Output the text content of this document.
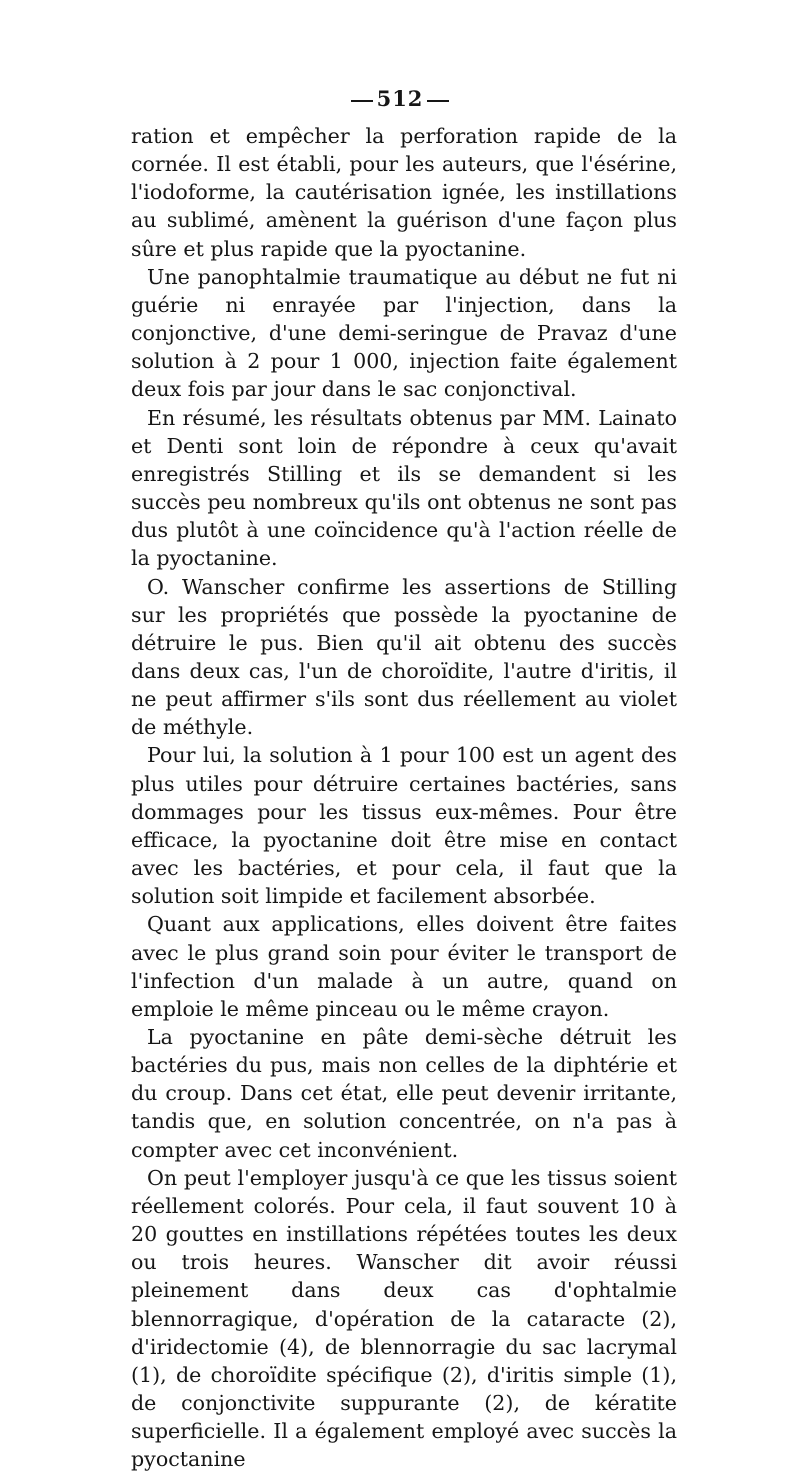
512

ration et empêcher la perforation rapide de la cornée. Il est établi, pour les auteurs, que l'ésérine, l'iodoforme, la cautérisation ignée, les instillations au sublimé, amènent la guérison d'une façon plus sûre et plus rapide que la pyoctanine.

Une panophtalmie traumatique au début ne fut ni guérie ni enrayée par l'injection, dans la conjonctive, d'une demi-seringue de Pravaz d'une solution à 2 pour 1 000, injection faite également deux fois par jour dans le sac conjonctival.

En résumé, les résultats obtenus par MM. Lainato et Denti sont loin de répondre à ceux qu'avait enregistrés Stilling et ils se demandent si les succès peu nombreux qu'ils ont obtenus ne sont pas dus plutôt à une coïncidence qu'à l'action réelle de la pyoctanine.

O. Wanscher confirme les assertions de Stilling sur les propriétés que possède la pyoctanine de détruire le pus. Bien qu'il ait obtenu des succès dans deux cas, l'un de choroïdite, l'autre d'iritis, il ne peut affirmer s'ils sont dus réellement au violet de méthyle.

Pour lui, la solution à 1 pour 100 est un agent des plus utiles pour détruire certaines bactéries, sans dommages pour les tissus eux-mêmes. Pour être efficace, la pyoctanine doit être mise en contact avec les bactéries, et pour cela, il faut que la solution soit limpide et facilement absorbée.

Quant aux applications, elles doivent être faites avec le plus grand soin pour éviter le transport de l'infection d'un malade à un autre, quand on emploie le même pinceau ou le même crayon.

La pyoctanine en pâte demi-sèche détruit les bactéries du pus, mais non celles de la diphtérie et du croup. Dans cet état, elle peut devenir irritante, tandis que, en solution concentrée, on n'a pas à compter avec cet inconvénient.

On peut l'employer jusqu'à ce que les tissus soient réellement colorés. Pour cela, il faut souvent 10 à 20 gouttes en instillations répétées toutes les deux ou trois heures. Wanscher dit avoir réussi pleinement dans deux cas d'ophtalmie blennorragique, d'opération de la cataracte (2), d'iridectomie (4), de blennorragie du sac lacrymal (1), de choroïdite spécifique (2), d'iritis simple (1), de conjonctivite suppurante (2), de kératite superficielle. Il a également employé avec succès la pyoctanine
